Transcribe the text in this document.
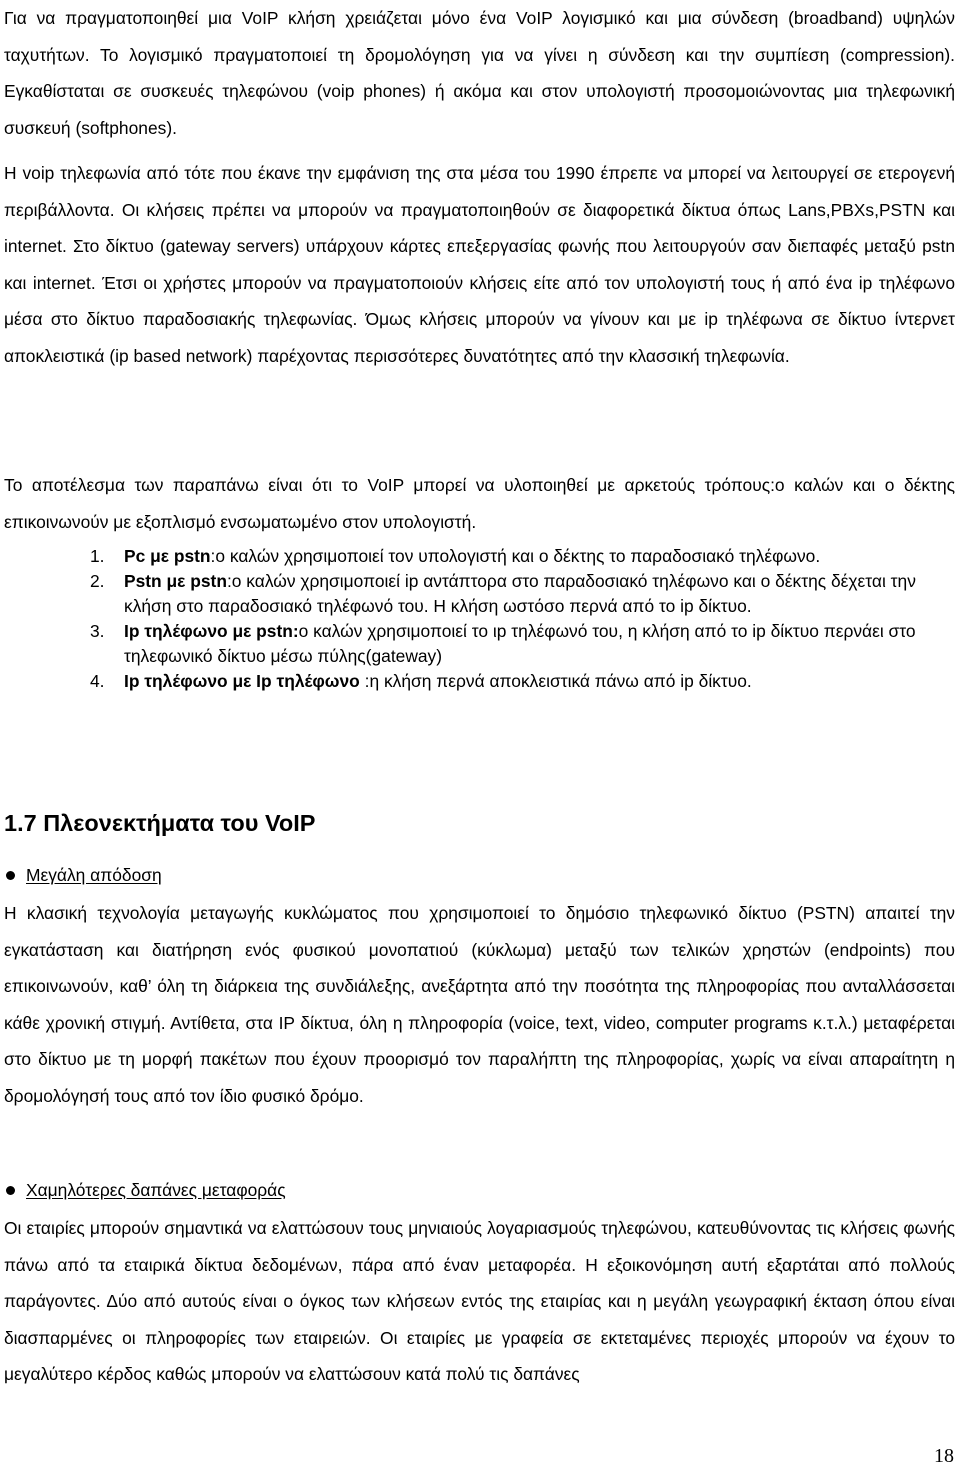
Για να πραγματοποιηθεί μια VoIP κλήση χρειάζεται μόνο ένα VoIP λογισμικό και μια σύνδεση (broadband) υψηλών ταχυτήτων. Το λογισμικό πραγματοποιεί τη δρομολόγηση για να γίνει η σύνδεση και την συμπίεση (compression). Εγκαθίσταται σε συσκευές τηλεφώνου (voip phones) ή ακόμα και στον υπολογιστή προσομοιώνοντας μια τηλεφωνική συσκευή (softphones).

Η voip τηλεφωνία από τότε που έκανε την εμφάνιση της στα μέσα του 1990 έπρεπε να μπορεί να λειτουργεί σε ετερογενή περιβάλλοντα. Οι κλήσεις πρέπει να μπορούν να πραγματοποιηθούν σε διαφορετικά δίκτυα όπως Lans,PBXs,PSTN και internet. Στο δίκτυο (gateway servers) υπάρχουν κάρτες επεξεργασίας φωνής που λειτουργούν σαν διεπαφές μεταξύ pstn και internet. Έτσι οι χρήστες μπορούν να πραγματοποιούν κλήσεις είτε από τον υπολογιστή τους ή από ένα ip τηλέφωνο μέσα στο δίκτυο παραδοσιακής τηλεφωνίας. Όμως κλήσεις μπορούν να γίνουν και με ip τηλέφωνα σε δίκτυο ίντερνετ αποκλειστικά (ip based network) παρέχοντας περισσότερες δυνατότητες από την κλασσική τηλεφωνία.

Το αποτέλεσμα των παραπάνω είναι ότι το VoIP μπορεί να υλοποιηθεί με αρκετούς τρόπους:ο καλών και ο δέκτης επικοινωνούν με εξοπλισμό ενσωματωμένο στον υπολογιστή.

1. Pc με pstn:ο καλών χρησιμοποιεί τον υπολογιστή και ο δέκτης το παραδοσιακό τηλέφωνο.
2. Pstn με pstn:ο καλών χρησιμοποιεί ip αντάπτορα στο παραδοσιακό τηλέφωνο και ο δέκτης δέχεται την κλήση στο παραδοσιακό τηλέφωνό του. Η κλήση ωστόσο περνά από το ip δίκτυο.
3. Ip τηλέφωνο με pstn:ο καλών χρησιμοποιεί το ιp τηλέφωνό του, η κλήση από το ip δίκτυο περνάει στο τηλεφωνικό δίκτυο μέσω πύλης(gateway)
4. Ip τηλέφωνο με Ip τηλέφωνο :η κλήση περνά αποκλειστικά πάνω από ip δίκτυο.
1.7 Πλεονεκτήματα του VoIP
Μεγάλη απόδοση

Η κλασική τεχνολογία μεταγωγής κυκλώματος που χρησιμοποιεί το δημόσιο τηλεφωνικό δίκτυο (PSTN) απαιτεί την εγκατάσταση και διατήρηση ενός φυσικού μονοπατιού (κύκλωμα) μεταξύ των τελικών χρηστών (endpoints) που επικοινωνούν, καθ’ όλη τη διάρκεια της συνδιάλεξης, ανεξάρτητα από την ποσότητα της πληροφορίας που ανταλλάσσεται κάθε χρονική στιγμή. Αντίθετα, στα IP δίκτυα, όλη η πληροφορία (voice, text, video, computer programs κ.τ.λ.) μεταφέρεται στο δίκτυο με τη μορφή πακέτων που έχουν προορισμό τον παραλήπτη της πληροφορίας, χωρίς να είναι απαραίτητη η δρομολόγησή τους από τον ίδιο φυσικό δρόμο.

Χαμηλότερες δαπάνες μεταφοράς

Οι εταιρίες μπορούν σημαντικά να ελαττώσουν τους μηνιαιούς λογαριασμούς τηλεφώνου, κατευθύνοντας τις κλήσεις φωνής πάνω από τα εταιρικά δίκτυα δεδομένων, πάρα από έναν μεταφορέα. Η εξοικονόμηση αυτή εξαρτάται από πολλούς παράγοντες. Δύο από αυτούς είναι ο όγκος των κλήσεων εντός της εταιρίας και η μεγάλη γεωγραφική έκταση όπου είναι διασπαρμένες οι πληροφορίες των εταιρειών. Οι εταιρίες με γραφεία σε εκτεταμένες περιοχές μπορούν να έχουν το μεγαλύτερο κέρδος καθώς μπορούν να ελαττώσουν κατά πολύ τις δαπάνες

18
